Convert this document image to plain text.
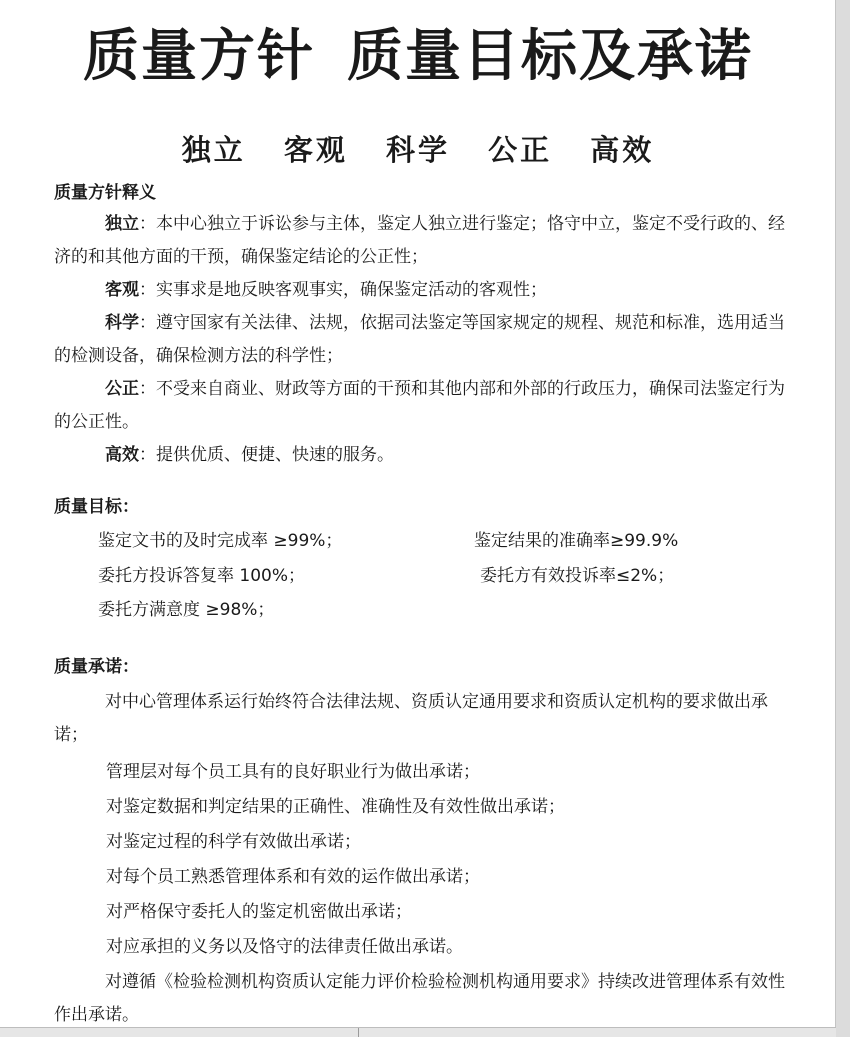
质量方针 质量目标及承诺
独立 客观 科学 公正 高效
质量方针释义

独立：本中心独立于诉讼参与主体，鉴定人独立进行鉴定；恪守中立，鉴定不受行政的、经济的和其他方面的干预，确保鉴定结论的公正性；

客观：实事求是地反映客观事实，确保鉴定活动的客观性；

科学：遵守国家有关法律、法规，依据司法鉴定等国家规定的规程、规范和标准，选用适当的检测设备，确保检测方法的科学性；

公正：不受来自商业、财政等方面的干预和其他内部和外部的行政压力，确保司法鉴定行为的公正性。

高效：提供优质、便捷、快速的服务。

质量目标：
鉴定文书的及时完成率 ≥99%；	鉴定结果的准确率≥99.9%
委托方投诉答复率 100%；	委托方有效投诉率≤2%；
委托方满意度 ≥98%；
质量承诺：

对中心管理体系运行始终符合法律法规、资质认定通用要求和资质认定机构的要求做出承诺；

管理层对每个员工具有的良好职业行为做出承诺；
对鉴定数据和判定结果的正确性、准确性及有效性做出承诺；
对鉴定过程的科学有效做出承诺；
对每个员工熟悉管理体系和有效的运作做出承诺；
对严格保守委托人的鉴定机密做出承诺；
对应承担的义务以及恪守的法律责任做出承诺。

对遵循《检验检测机构资质认定能力评价检验检测机构通用要求》持续改进管理体系有效性作出承诺。
